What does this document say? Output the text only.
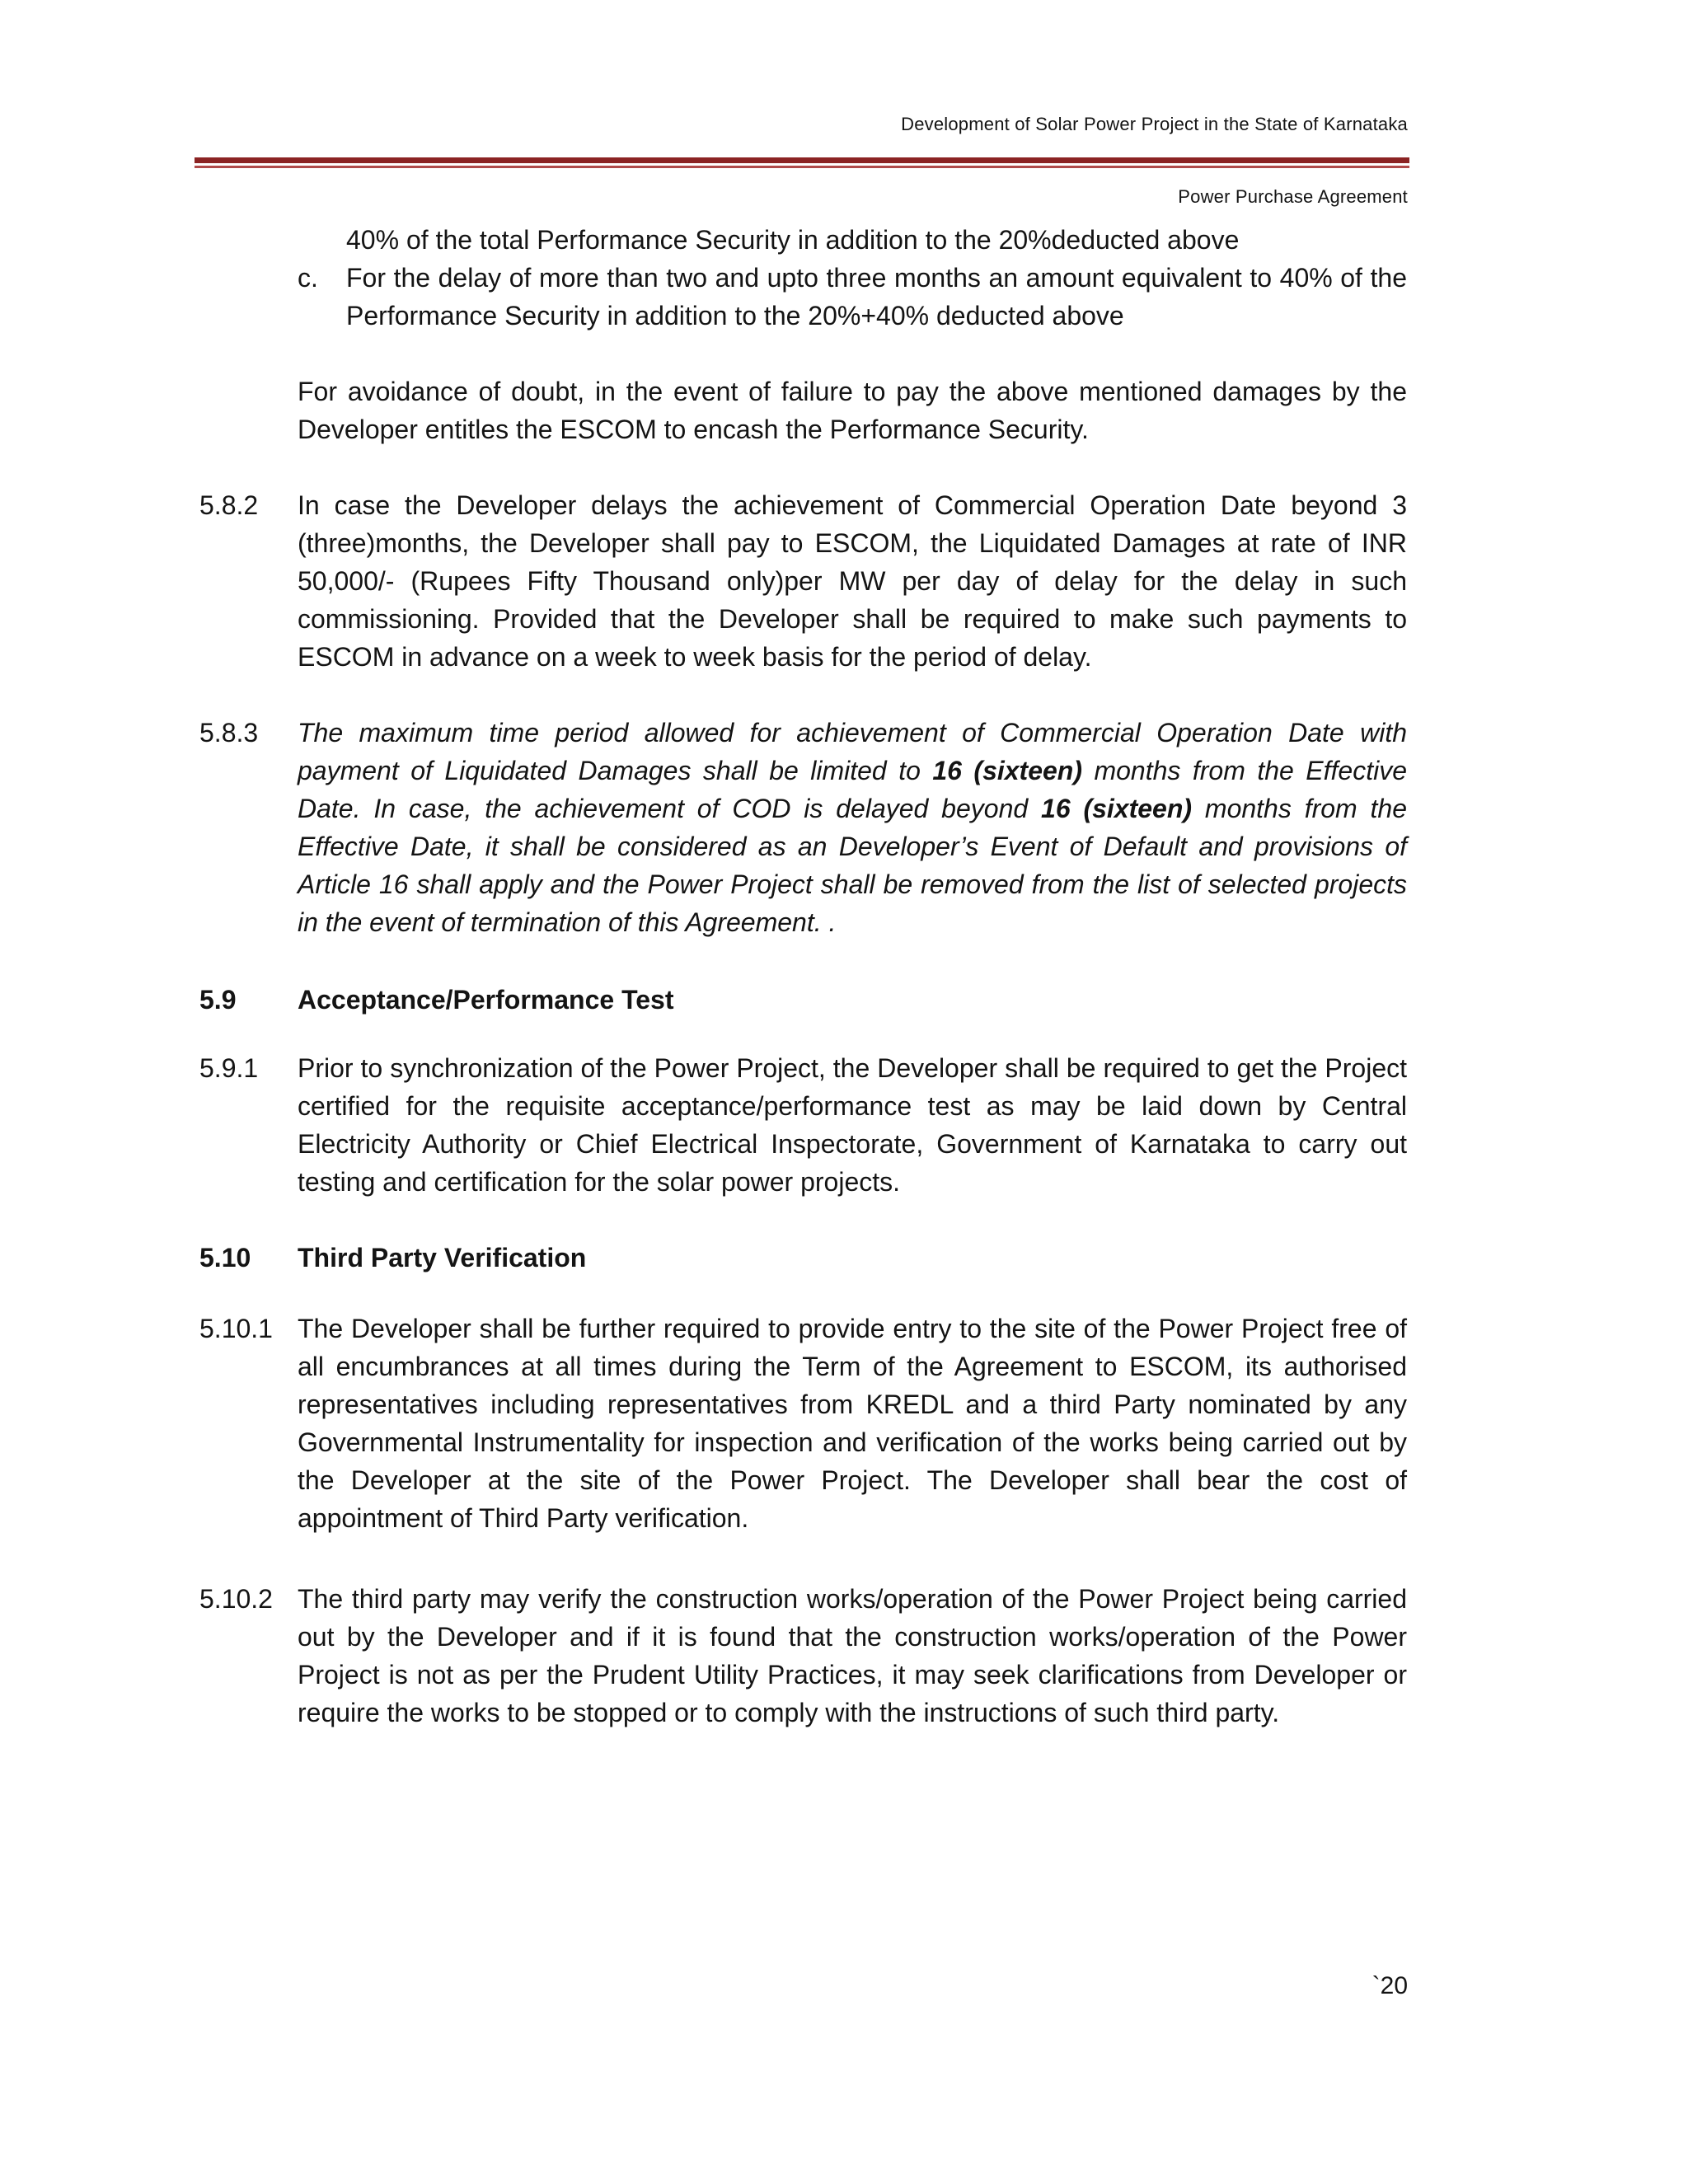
Development of Solar Power Project in the State of Karnataka
Power Purchase Agreement
40% of the total Performance Security in addition to the 20%deducted above
c. For the delay of more than two and upto three months an amount equivalent to 40% of the Performance Security in addition to the 20%+40% deducted above
For avoidance of doubt, in the event of failure to pay the above mentioned damages by the Developer entitles the ESCOM to encash the Performance Security.
5.8.2 In case the Developer delays the achievement of Commercial Operation Date beyond 3 (three)months, the Developer shall pay to ESCOM, the Liquidated Damages at rate of INR 50,000/- (Rupees Fifty Thousand only)per MW per day of delay for the delay in such commissioning. Provided that the Developer shall be required to make such payments to ESCOM in advance on a week to week basis for the period of delay.
5.8.3 The maximum time period allowed for achievement of Commercial Operation Date with payment of Liquidated Damages shall be limited to 16 (sixteen) months from the Effective Date. In case, the achievement of COD is delayed beyond 16 (sixteen) months from the Effective Date, it shall be considered as an Developer’s Event of Default and provisions of Article 16 shall apply and the Power Project shall be removed from the list of selected projects in the event of termination of this Agreement. .
5.9 Acceptance/Performance Test
5.9.1 Prior to synchronization of the Power Project, the Developer shall be required to get the Project certified for the requisite acceptance/performance test as may be laid down by Central Electricity Authority or Chief Electrical Inspectorate, Government of Karnataka to carry out testing and certification for the solar power projects.
5.10 Third Party Verification
5.10.1 The Developer shall be further required to provide entry to the site of the Power Project free of all encumbrances at all times during the Term of the Agreement to ESCOM, its authorised representatives including representatives from KREDL and a third Party nominated by any Governmental Instrumentality for inspection and verification of the works being carried out by the Developer at the site of the Power Project. The Developer shall bear the cost of appointment of Third Party verification.
5.10.2 The third party may verify the construction works/operation of the Power Project being carried out by the Developer and if it is found that the construction works/operation of the Power Project is not as per the Prudent Utility Practices, it may seek clarifications from Developer or require the works to be stopped or to comply with the instructions of such third party.
`20
